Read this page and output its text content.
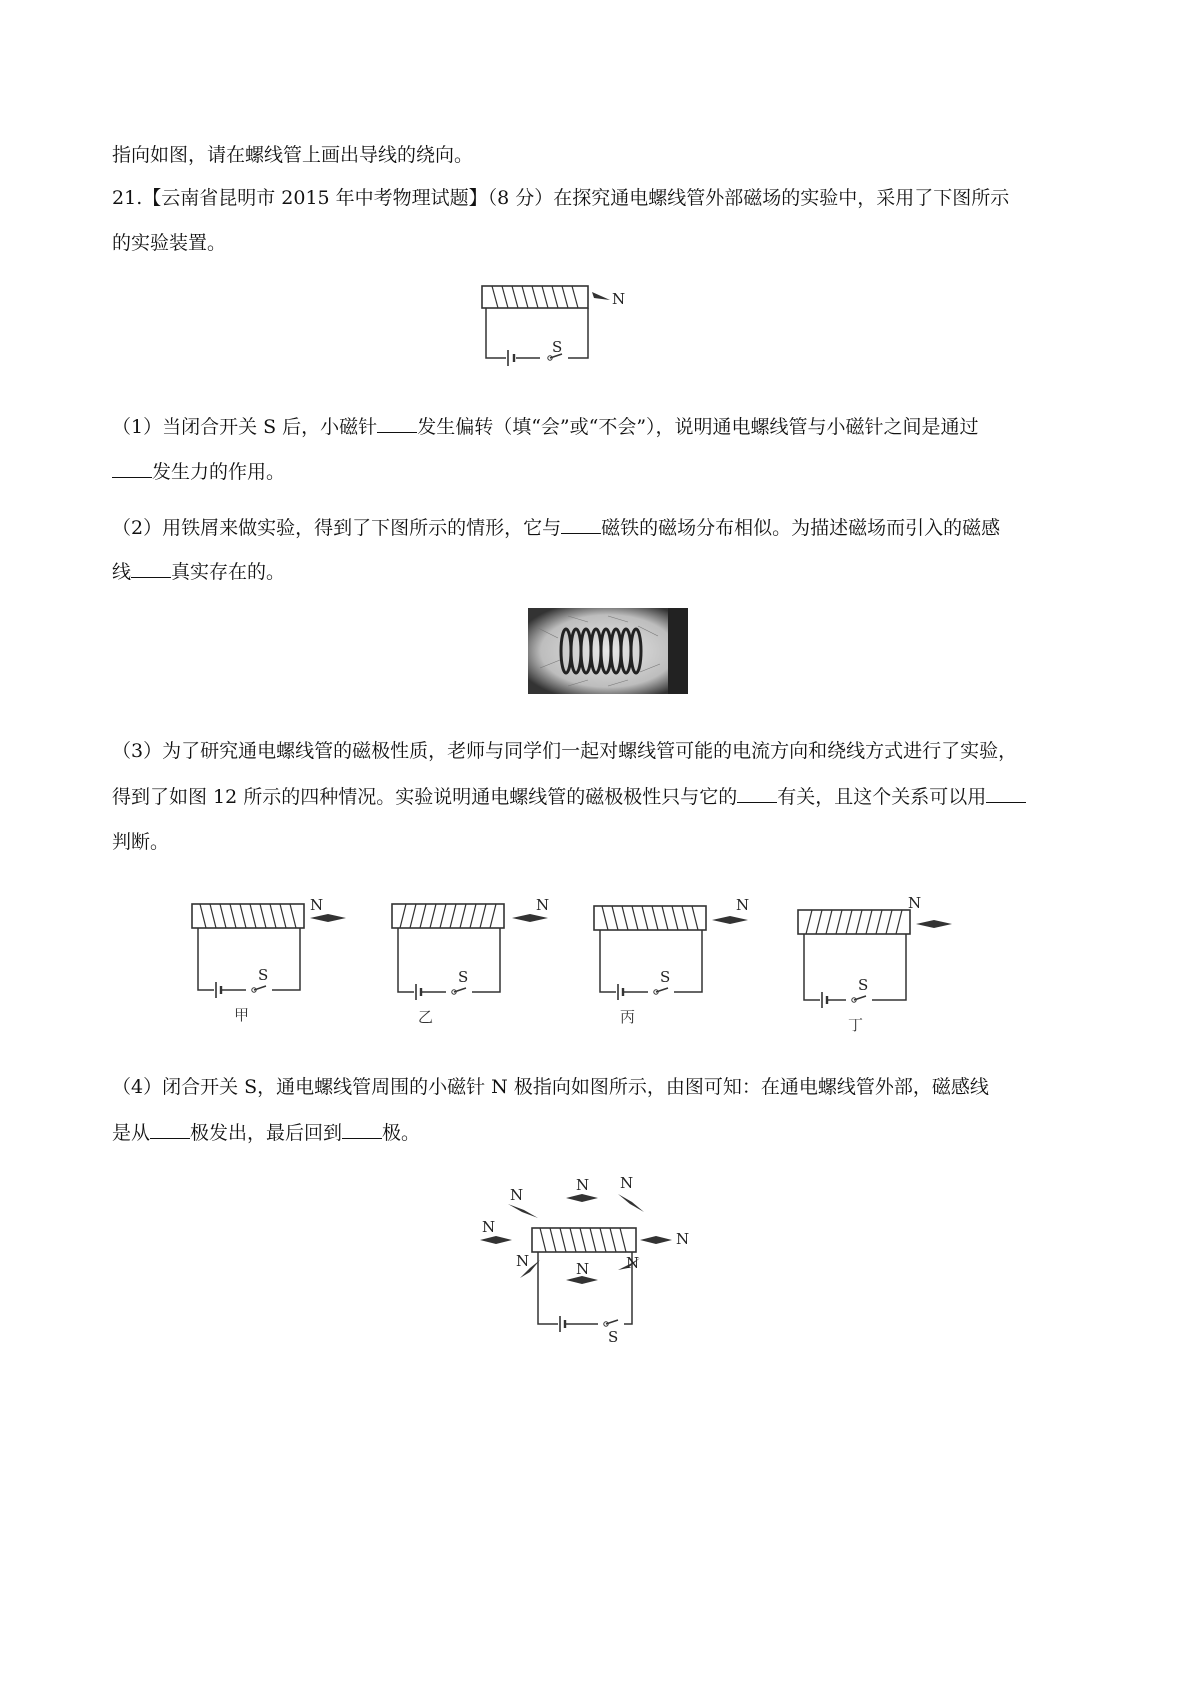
指向如图，请在螺线管上画出导线的绕向。
21.【云南省昆明市 2015 年中考物理试题】（8 分）在探究通电螺线管外部磁场的实验中，采用了下图所示
的实验装置。
N
S
（1）当闭合开关 S 后，小磁针 发生偏转（填“会”或“不会”），说明通电螺线管与小磁针之间是通过
发生力的作用。
（2）用铁屑来做实验，得到了下图所示的情形，它与 磁铁的磁场分布相似。为描述磁场而引入的磁感
线 真实存在的。
（3）为了研究通电螺线管的磁极性质，老师与同学们一起对螺线管可能的电流方向和绕线方式进行了实验，
得到了如图 12 所示的四种情况。实验说明通电螺线管的磁极极性只与它的 有关，且这个关系可以用
判断。
N
S
甲
N
S
乙
N
S
丙
N
S
丁
（4）闭合开关 S，通电螺线管周围的小磁针 N 极指向如图所示，由图可知：在通电螺线管外部，磁感线
是从 极发出，最后回到 极。
N
N
N
N N
N	N N
S
